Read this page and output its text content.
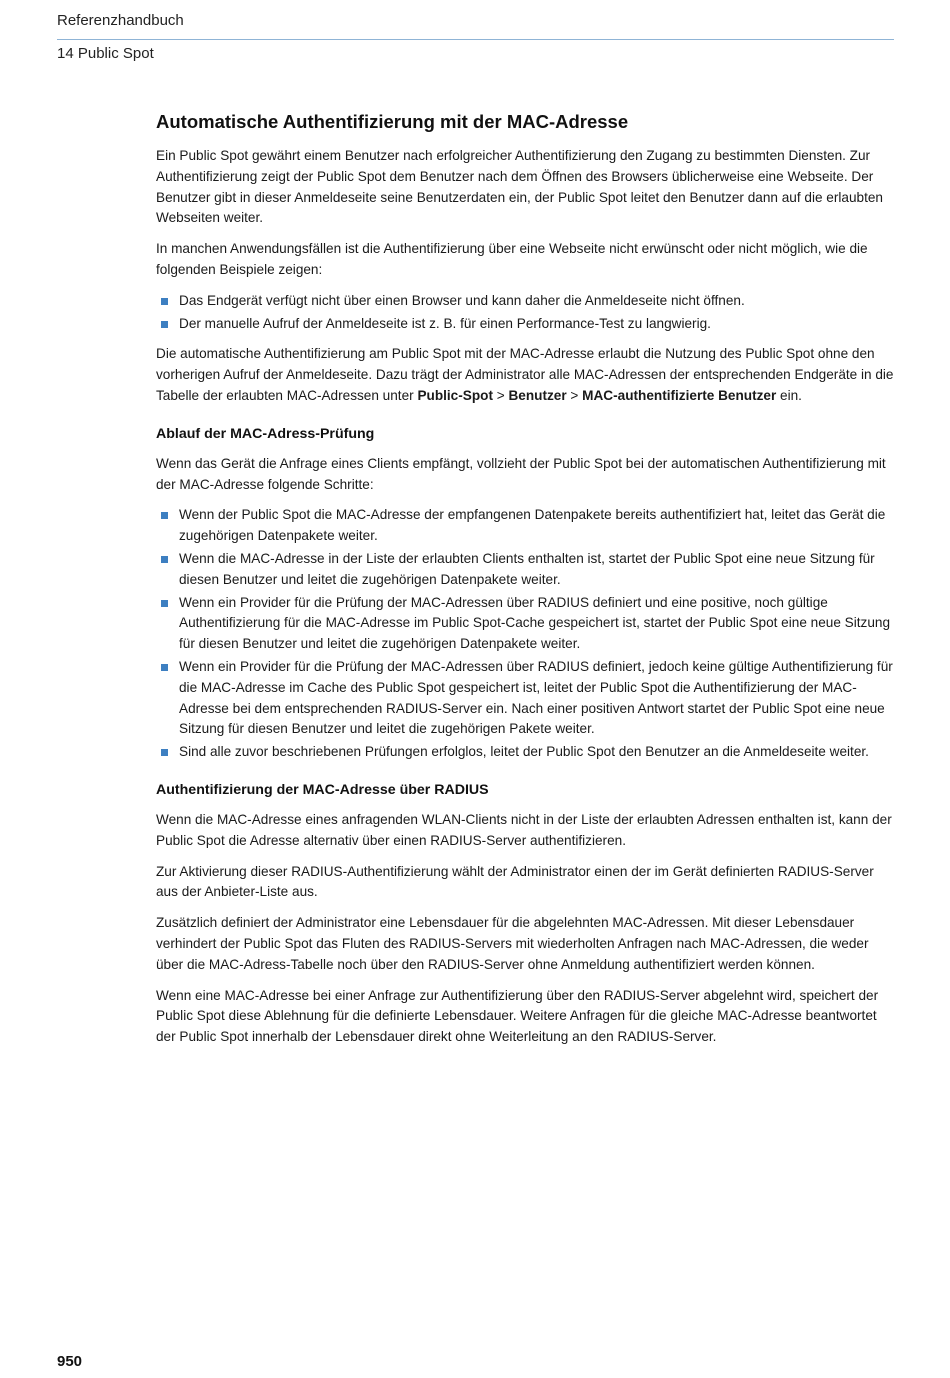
Referenzhandbuch
14 Public Spot
Automatische Authentifizierung mit der MAC-Adresse

Ein Public Spot gewährt einem Benutzer nach erfolgreicher Authentifizierung den Zugang zu bestimmten Diensten. Zur Authentifizierung zeigt der Public Spot dem Benutzer nach dem Öffnen des Browsers üblicherweise eine Webseite. Der Benutzer gibt in dieser Anmeldeseite seine Benutzerdaten ein, der Public Spot leitet den Benutzer dann auf die erlaubten Webseiten weiter.

In manchen Anwendungsfällen ist die Authentifizierung über eine Webseite nicht erwünscht oder nicht möglich, wie die folgenden Beispiele zeigen:

Das Endgerät verfügt nicht über einen Browser und kann daher die Anmeldeseite nicht öffnen.
Der manuelle Aufruf der Anmeldeseite ist z. B. für einen Performance-Test zu langwierig.

Die automatische Authentifizierung am Public Spot mit der MAC-Adresse erlaubt die Nutzung des Public Spot ohne den vorherigen Aufruf der Anmeldeseite. Dazu trägt der Administrator alle MAC-Adressen der entsprechenden Endgeräte in die Tabelle der erlaubten MAC-Adressen unter Public-Spot > Benutzer > MAC-authentifizierte Benutzer ein.

Ablauf der MAC-Adress-Prüfung

Wenn das Gerät die Anfrage eines Clients empfängt, vollzieht der Public Spot bei der automatischen Authentifizierung mit der MAC-Adresse folgende Schritte:

Wenn der Public Spot die MAC-Adresse der empfangenen Datenpakete bereits authentifiziert hat, leitet das Gerät die zugehörigen Datenpakete weiter.
Wenn die MAC-Adresse in der Liste der erlaubten Clients enthalten ist, startet der Public Spot eine neue Sitzung für diesen Benutzer und leitet die zugehörigen Datenpakete weiter.
Wenn ein Provider für die Prüfung der MAC-Adressen über RADIUS definiert und eine positive, noch gültige Authentifizierung für die MAC-Adresse im Public Spot-Cache gespeichert ist, startet der Public Spot eine neue Sitzung für diesen Benutzer und leitet die zugehörigen Datenpakete weiter.
Wenn ein Provider für die Prüfung der MAC-Adressen über RADIUS definiert, jedoch keine gültige Authentifizierung für die MAC-Adresse im Cache des Public Spot gespeichert ist, leitet der Public Spot die Authentifizierung der MAC-Adresse bei dem entsprechenden RADIUS-Server ein. Nach einer positiven Antwort startet der Public Spot eine neue Sitzung für diesen Benutzer und leitet die zugehörigen Pakete weiter.
Sind alle zuvor beschriebenen Prüfungen erfolglos, leitet der Public Spot den Benutzer an die Anmeldeseite weiter.
Authentifizierung der MAC-Adresse über RADIUS

Wenn die MAC-Adresse eines anfragenden WLAN-Clients nicht in der Liste der erlaubten Adressen enthalten ist, kann der Public Spot die Adresse alternativ über einen RADIUS-Server authentifizieren.

Zur Aktivierung dieser RADIUS-Authentifizierung wählt der Administrator einen der im Gerät definierten RADIUS-Server aus der Anbieter-Liste aus.

Zusätzlich definiert der Administrator eine Lebensdauer für die abgelehnten MAC-Adressen. Mit dieser Lebensdauer verhindert der Public Spot das Fluten des RADIUS-Servers mit wiederholten Anfragen nach MAC-Adressen, die weder über die MAC-Adress-Tabelle noch über den RADIUS-Server ohne Anmeldung authentifiziert werden können.

Wenn eine MAC-Adresse bei einer Anfrage zur Authentifizierung über den RADIUS-Server abgelehnt wird, speichert der Public Spot diese Ablehnung für die definierte Lebensdauer. Weitere Anfragen für die gleiche MAC-Adresse beantwortet der Public Spot innerhalb der Lebensdauer direkt ohne Weiterleitung an den RADIUS-Server.

950
